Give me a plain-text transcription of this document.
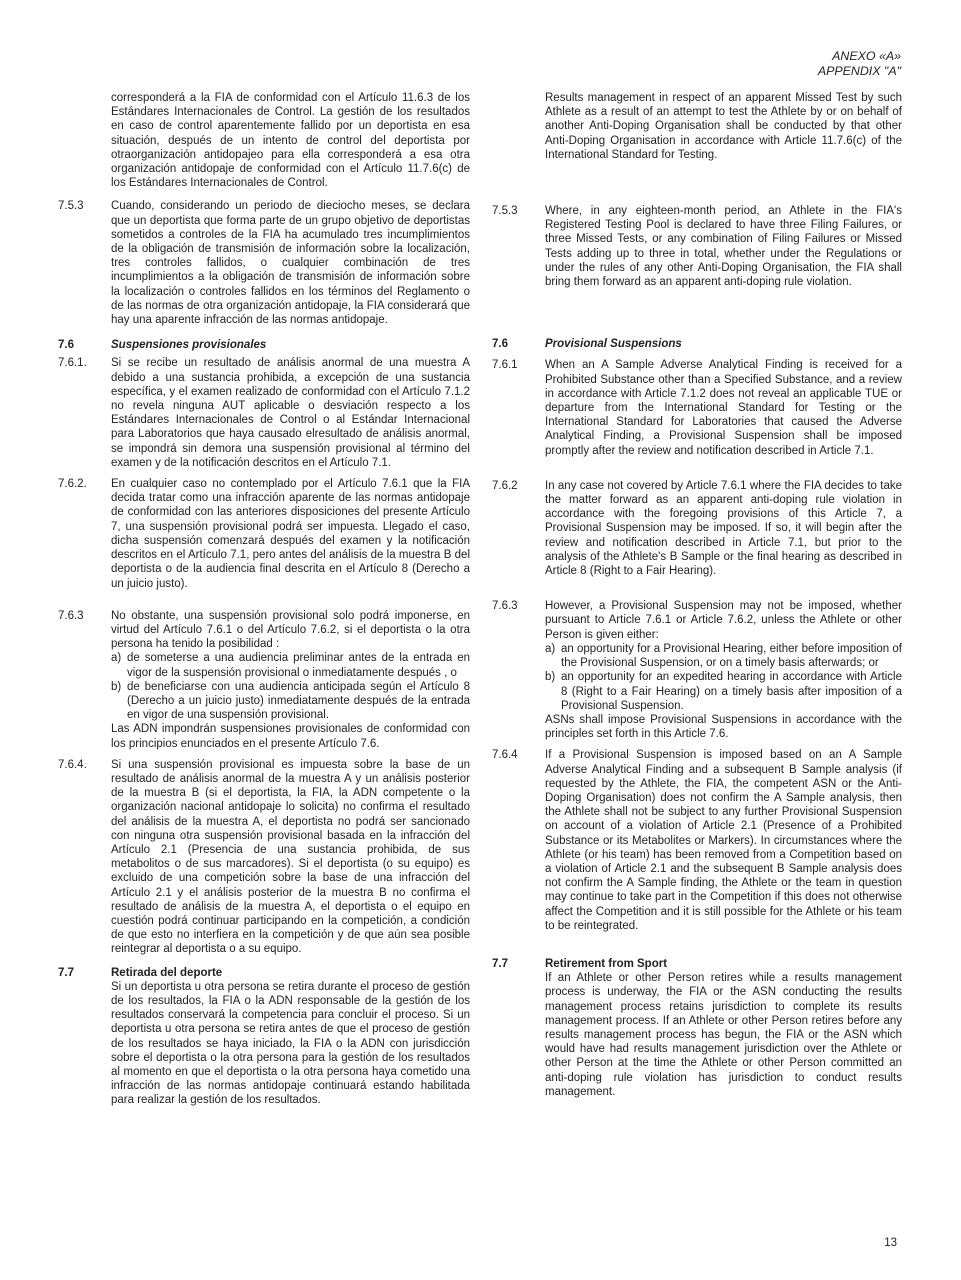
ANEXO «A»
APPENDIX "A"

corresponderá a la FIA de conformidad con el Artículo 11.6.3 de los Estándares Internacionales de Control. La gestión de los resultados en caso de control aparentemente fallido por un deportista en esa situación, después de un intento de control del deportista por otraorganización antidopajeo para ella corresponderá a esa otra organización antidopaje de conformidad con el Artículo 11.7.6(c) de los Estándares Internacionales de Control.

7.5.3	Cuando, considerando un periodo de dieciocho meses, se declara que un deportista que forma parte de un grupo objetivo de deportistas sometidos a controles de la FIA ha acumulado tres incumplimientos de la obligación de transmisión de información sobre la localización, tres controles fallidos, o cualquier combinación de tres incumplimientos a la obligación de transmisión de información sobre la localización o controles fallidos en los términos del Reglamento o de las normas de otra organización antidopaje, la FIA considerará que hay una aparente infracción de las normas antidopaje.

7.6	Suspensiones provisionales
7.6.1.	Si se recibe un resultado de análisis anormal de una muestra A debido a una sustancia prohibida, a excepción de una sustancia específica, y el examen realizado de conformidad con el Artículo 7.1.2 no revela ninguna AUT aplicable o desviación respecto a los Estándares Internacionales de Control o al Estándar Internacional para Laboratorios que haya causado elresultado de análisis anormal, se impondrá sin demora una suspensión provisional al término del examen y de la notificación descritos en el Artículo 7.1.

7.6.2.	En cualquier caso no contemplado por el Artículo 7.6.1 que la FIA decida tratar como una infracción aparente de las normas antidopaje de conformidad con las anteriores disposiciones del presente Artículo 7, una suspensión provisional podrá ser impuesta. Llegado el caso, dicha suspensión comenzará después del examen y la notificación descritos en el Artículo 7.1, pero antes del análisis de la muestra B del deportista o de la audiencia final descrita en el Artículo 8 (Derecho a un juicio justo).

7.6.3	No obstante, una suspensión provisional solo podrá imponerse, en virtud del Artículo 7.6.1 o del Artículo 7.6.2, si el deportista o la otra persona ha tenido la posibilidad :

a) de someterse a una audiencia preliminar antes de la entrada en vigor de la suspensión provisional o inmediatamente después , o
b) de beneficiarse con una audiencia anticipada según el Artículo 8 (Derecho a un juicio justo) inmediatamente después de la entrada en vigor de una suspensión provisional.

Las ADN impondrán suspensiones provisionales de conformidad con los principios enunciados en el presente Artículo 7.6.

7.6.4.	Si una suspensión provisional es impuesta sobre la base de un resultado de análisis anormal de la muestra A y un análisis posterior de la muestra B (si el deportista, la FIA, la ADN competente o la organización nacional antidopaje lo solicita) no confirma el resultado del análisis de la muestra A, el deportista no podrá ser sancionado con ninguna otra suspensión provisional basada en la infracción del Artículo 2.1 (Presencia de una sustancia prohibida, de sus metabolitos o de sus marcadores). Si el deportista (o su equipo) es excluido de una competición sobre la base de una infracción del Artículo 2.1 y el análisis posterior de la muestra B no confirma el resultado de análisis de la muestra A, el deportista o el equipo en cuestión podrá continuar participando en la competición, a condición de que esto no interfiera en la competición y de que aún sea posible reintegrar al deportista o a su equipo.

7.7	Retirada del deporte

Si un deportista u otra persona se retira durante el proceso de gestión de los resultados, la FIA o la ADN responsable de la gestión de los resultados conservará la competencia para concluir el proceso. Si un deportista u otra persona se retira antes de que el proceso de gestión de los resultados se haya iniciado, la FIA o la ADN con jurisdicción sobre el deportista o la otra persona para la gestión de los resultados al momento en que el deportista o la otra persona haya cometido una infracción de las normas antidopaje continuará estando habilitada para realizar la gestión de los resultados.

Results management in respect of an apparent Missed Test by such Athlete as a result of an attempt to test the Athlete by or on behalf of another Anti-Doping Organisation shall be conducted by that other Anti-Doping Organisation in accordance with Article 11.7.6(c) of the International Standard for Testing.

7.5.3	Where, in any eighteen-month period, an Athlete in the FIA's Registered Testing Pool is declared to have three Filing Failures, or three Missed Tests, or any combination of Filing Failures or Missed Tests adding up to three in total, whether under the Regulations or under the rules of any other Anti-Doping Organisation, the FIA shall bring them forward as an apparent anti-doping rule violation.

7.6	Provisional Suspensions
7.6.1	When an A Sample Adverse Analytical Finding is received for a Prohibited Substance other than a Specified Substance, and a review in accordance with Article 7.1.2 does not reveal an applicable TUE or departure from the International Standard for Testing or the International Standard for Laboratories that caused the Adverse Analytical Finding, a Provisional Suspension shall be imposed promptly after the review and notification described in Article 7.1.

7.6.2	In any case not covered by Article 7.6.1 where the FIA decides to take the matter forward as an apparent anti-doping rule violation in accordance with the foregoing provisions of this Article 7, a Provisional Suspension may be imposed. If so, it will begin after the review and notification described in Article 7.1, but prior to the analysis of the Athlete's B Sample or the final hearing as described in Article 8 (Right to a Fair Hearing).

7.6.3	However, a Provisional Suspension may not be imposed, whether pursuant to Article 7.6.1 or Article 7.6.2, unless the Athlete or other Person is given either:

a) an opportunity for a Provisional Hearing, either before imposition of the Provisional Suspension, or on a timely basis afterwards; or
b) an opportunity for an expedited hearing in accordance with Article 8 (Right to a Fair Hearing) on a timely basis after imposition of a Provisional Suspension.

ASNs shall impose Provisional Suspensions in accordance with the principles set forth in this Article 7.6.

7.6.4	If a Provisional Suspension is imposed based on an A Sample Adverse Analytical Finding and a subsequent B Sample analysis (if requested by the Athlete, the FIA, the competent ASN or the Anti-Doping Organisation) does not confirm the A Sample analysis, then the Athlete shall not be subject to any further Provisional Suspension on account of a violation of Article 2.1 (Presence of a Prohibited Substance or its Metabolites or Markers). In circumstances where the Athlete (or his team) has been removed from a Competition based on a violation of Article 2.1 and the subsequent B Sample analysis does not confirm the A Sample finding, the Athlete or the team in question may continue to take part in the Competition if this does not otherwise affect the Competition and it is still possible for the Athlete or his team to be reintegrated.

7.7	Retirement from Sport

If an Athlete or other Person retires while a results management process is underway, the FIA or the ASN conducting the results management process retains jurisdiction to complete its results management process. If an Athlete or other Person retires before any results management process has begun, the FIA or the ASN which would have had results management jurisdiction over the Athlete or other Person at the time the Athlete or other Person committed an anti-doping rule violation has jurisdiction to conduct results management.

13
